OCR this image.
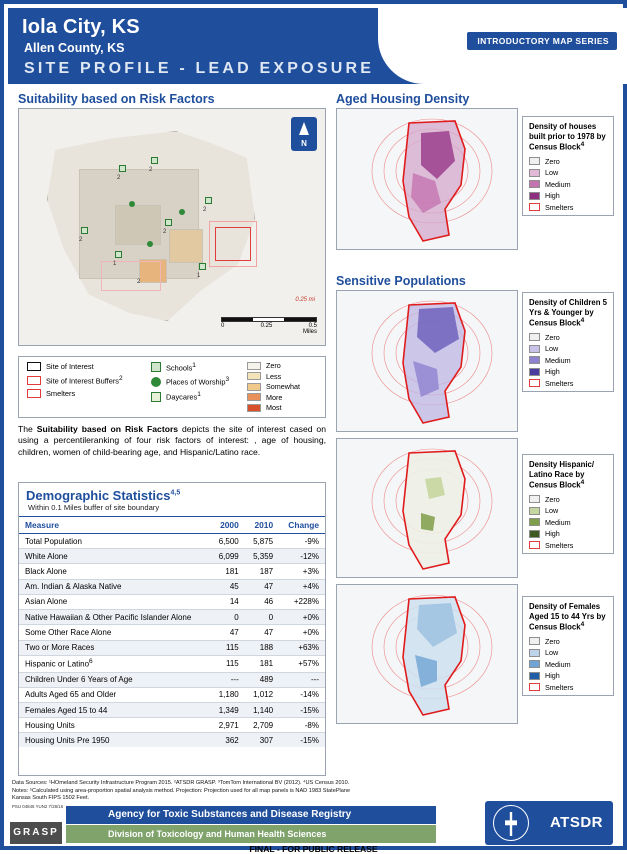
Iola City, KS
Allen County, KS
SITE PROFILE - LEAD EXPOSURE
INTRODUCTORY MAP SERIES
Suitability based on Risk Factors
2
2
2
2
2
1
1
2
N
0.25 mi
0	0.25	0.5
Miles
Site of Interest
Site of Interest Buffers$^2$
Smelters
Schools$^1$
Places of Worship$^3$
Daycares$^1$
Zero
Less
Somewhat
More
Most
The Suitability based on Risk Factors depicts the site of interest cased on using a percentileranking of four risk factors of interest: , age of housing, children, women of child-bearing age, and Hispanic/Latino race.
Demographic Statistics$^{4,5}$
Within 0.1 Miles buffer of site boundary
Measure	2000	2010	Change
Total Population	6,500	5,875	-9%
White Alone	6,099	5,359	-12%
Black Alone	181	187	+3%
Am. Indian & Alaska Native	45	47	+4%
Asian Alone	14	46	+228%
Native Hawaiian & Other Pacific Islander Alone	0	0	+0%
Some Other Race Alone	47	47	+0%
Two or More Races	115	188	+63%
Hispanic or Latino$^6$	115	181	+57%
Children Under 6 Years of Age	---	489	---
Adults Aged 65 and Older	1,180	1,012	-14%
Females Aged 15 to 44	1,349	1,140	-15%
Housing Units	2,971	2,709	-8%
Housing Units Pre 1950	362	307	-15%
Aged Housing Density
Sensitive Populations
Density of houses built prior to 1978 by Census Block$^4$
Zero
Low
Medium
High
Smelters
Density of Children 5 Yrs & Younger by Census Block$^4$
Zero
Low
Medium
High
Smelters
Density Hispanic/ Latino Race by Census Block$^4$
Zero
Low
Medium
High
Smelters
Density of Females Aged 15 to 44 Yrs by Census Block$^4$
Zero
Low
Medium
High
Smelters
Data Sources: ¹HOmeland Security Infrastructure Program 2015. ²ATSDR GRASP. ³TomTom International BV (2012). ⁴US Census 2010.
Notes: ⁵Calculated using area-proportion spatial analysis method. Projection: Projection used for all map panels is NAD 1983 StatePlane
Kansas South FIPS 1502 Feet.
PSU 04845 YUN2 7/28/16
GRASP
Agency for Toxic Substances and Disease Registry
Division of Toxicology and Human Health Sciences
ATSDR
FINAL - FOR PUBLIC RELEASE
